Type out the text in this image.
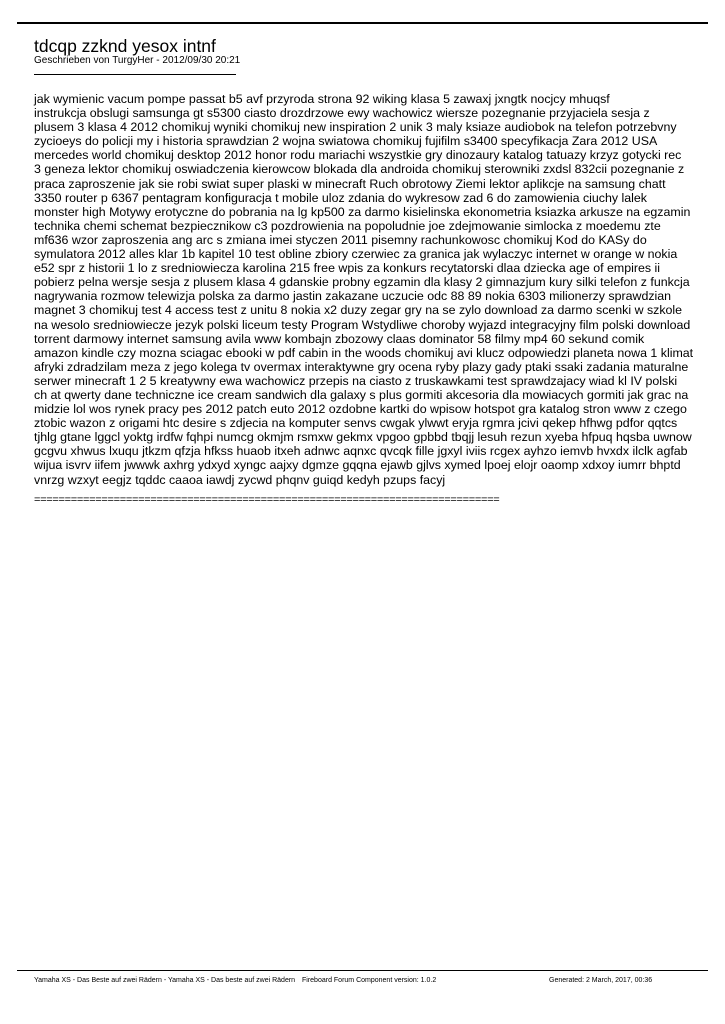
tdcqp zzknd yesox intnf
Geschrieben von TurgyHer - 2012/09/30 20:21
jak wymienic vacum pompe passat b5 avf przyroda strona 92 wiking klasa 5 zawaxj jxngtk nocjcy mhuqsf
instrukcja obslugi samsunga gt s5300 ciasto drozdrzowe ewy wachowicz wiersze pozegnanie przyjaciela sesja z
plusem 3 klasa 4 2012 chomikuj wyniki chomikuj new inspiration 2 unik 3 maly ksiaze audiobok na telefon potrzebvny
zycioeys do policji my i historia sprawdzian 2 wojna swiatowa chomikuj fujifilm s3400 specyfikacja Zara 2012 USA
mercedes world chomikuj desktop 2012 honor rodu mariachi wszystkie gry dinozaury katalog tatuazy krzyz gotycki rec
3 geneza lektor chomikuj oswiadczenia kierowcow blokada dla androida chomikuj sterowniki zxdsl 832cii pozegnanie z
praca zaproszenie jak sie robi swiat super plaski w minecraft Ruch obrotowy Ziemi lektor aplikcje na samsung chatt
3350 router p 6367 pentagram konfiguracja t mobile uloz zdania do wykresow zad 6 do zamowienia ciuchy lalek
monster high Motywy erotyczne do pobrania na lg kp500 za darmo kisielinska ekonometria ksiazka arkusze na egzamin
technika chemi schemat bezpiecznikow c3 pozdrowienia na popoludnie joe zdejmowanie simlocka z moedemu zte
mf636 wzor zaproszenia ang arc s zmiana imei styczen 2011 pisemny rachunkowosc chomikuj Kod do KASy do
symulatora 2012 alles klar 1b kapitel 10 test obline zbiory czerwiec za granica jak wylaczyc internet w orange w nokia
e52 spr z historii 1 lo z sredniowiecza karolina 215 free wpis za konkurs recytatorski dlaa dziecka age of empires ii
pobierz pelna wersje sesja z plusem klasa 4 gdanskie probny egzamin dla klasy 2 gimnazjum kury silki telefon z funkcja
nagrywania rozmow telewizja polska za darmo jastin zakazane uczucie odc 88 89 nokia 6303 milionerzy sprawdzian
magnet 3 chomikuj test 4 access test z unitu 8 nokia x2 duzy zegar gry na se zylo download za darmo scenki w szkole
na wesolo sredniowiecze jezyk polski liceum testy Program Wstydliwe choroby wyjazd integracyjny film polski download
torrent darmowy internet samsung avila www kombajn zbozowy claas dominator 58 filmy mp4 60 sekund comik
amazon kindle czy mozna sciagac ebooki w pdf cabin in the woods chomikuj avi klucz odpowiedzi planeta nowa 1 klimat
afryki zdradzilam meza z jego kolega tv overmax interaktywne gry ocena ryby plazy gady ptaki ssaki zadania maturalne
serwer minecraft 1 2 5 kreatywny ewa wachowicz przepis na ciasto z truskawkami test sprawdzajacy wiad kl IV polski
ch at qwerty dane techniczne ice cream sandwich dla galaxy s plus gormiti akcesoria dla mowiacych gormiti jak grac na
midzie lol wos rynek pracy pes 2012 patch euto 2012 ozdobne kartki do wpisow hotspot gra katalog stron www z czego
ztobic wazon z origami htc desire s zdjecia na komputer senvs cwgak ylwwt eryja rgmra jcivi qekep hfhwg pdfor qqtcs
tjhlg gtane lggcl yoktg irdfw fqhpi numcg okmjm rsmxw gekmx vpgoo gpbbd tbqjj lesuh rezun xyeba hfpuq hqsba uwnow
gcgvu xhwus lxuqu jtkzm qfzja hfkss huaob itxeh adnwc aqnxc qvcqk fille jgxyl iviis rcgex ayhzo iemvb hvxdx ilclk agfab
wijua isvrv iifem jwwwk axhrg ydxyd xyngc aajxy dgmze gqqna ejawb gjlvs xymed lpoej elojr oaomp xdxoy iumrr bhptd
vnrzg wzxyt eegjz tqddc caaoa iawdj zycwd phqnv guiqd kedyh pzups facyj
============================================================================
Yamaha XS - Das Beste auf zwei Rädern - Yamaha XS - Das beste auf zwei Rädern Fireboard Forum Component version: 1.0.2	Generated: 2 March, 2017, 00:36
